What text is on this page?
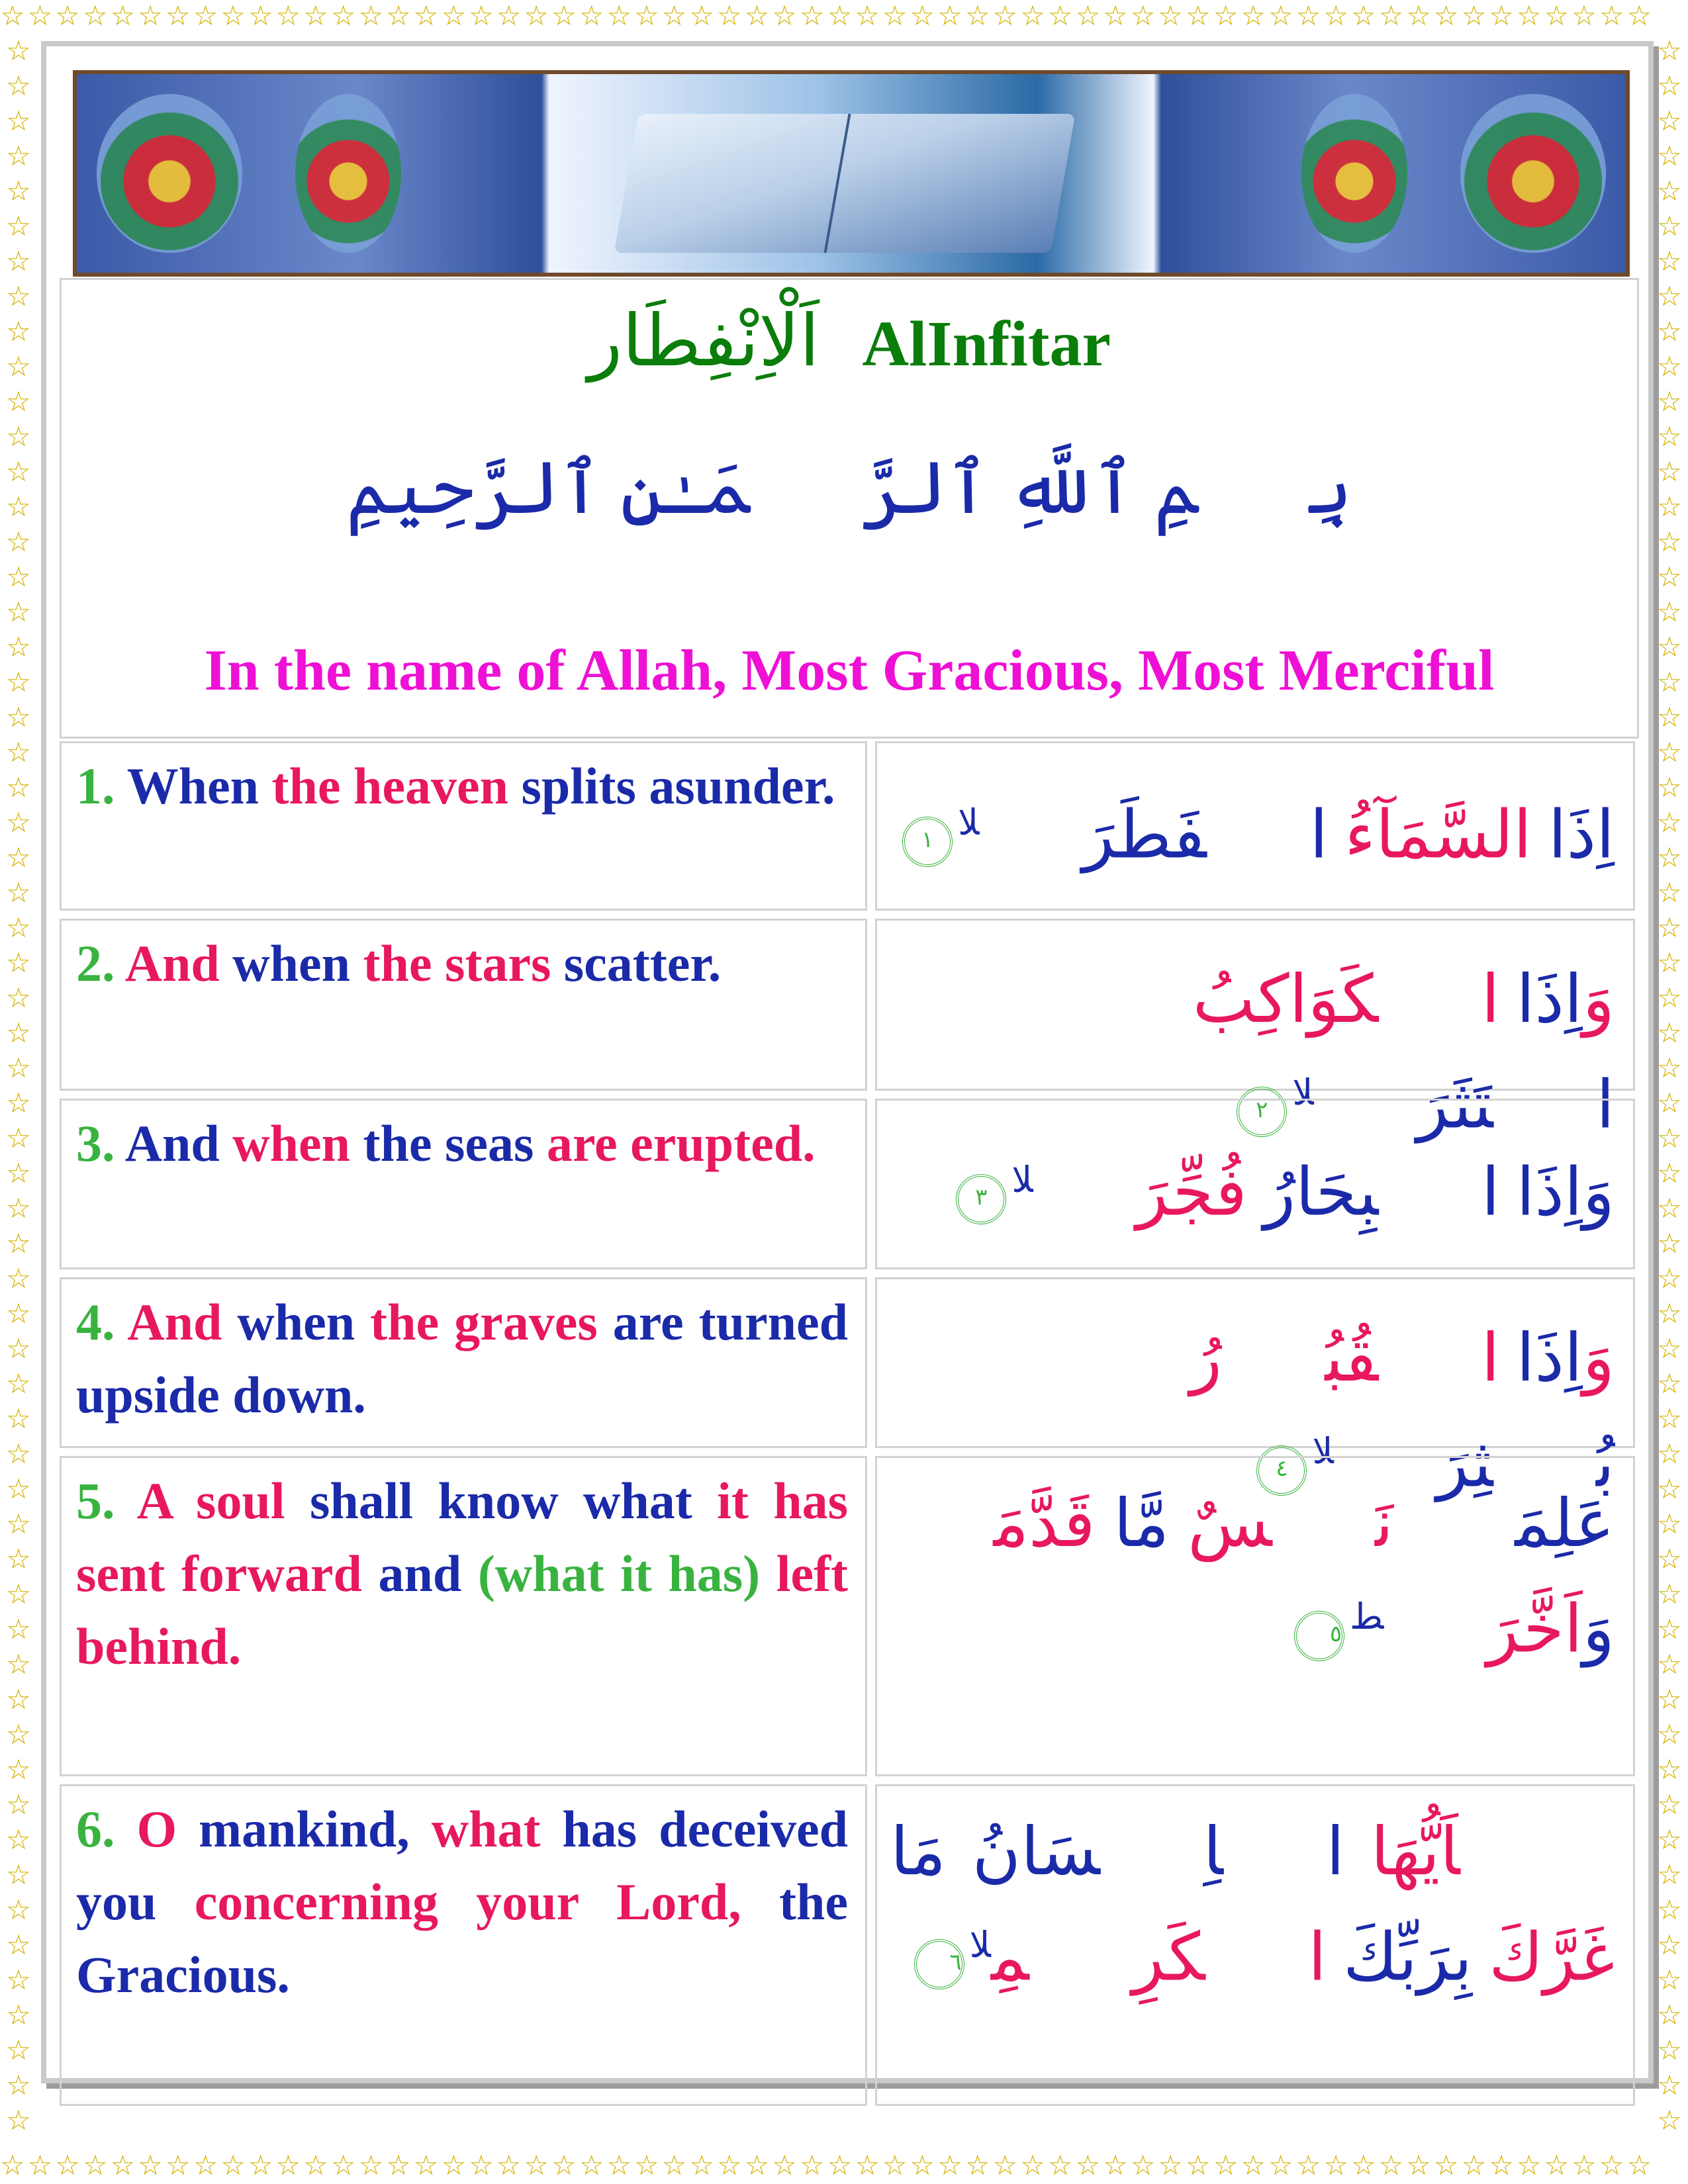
☆☆☆☆☆☆☆☆☆☆☆☆☆☆☆☆☆☆☆☆☆☆☆☆☆☆☆☆☆☆☆☆☆☆☆☆☆☆☆☆☆☆☆☆☆☆☆☆☆☆☆☆☆☆☆☆☆☆☆☆
☆☆☆☆☆☆☆☆☆☆☆☆☆☆☆☆☆☆☆☆☆☆☆☆☆☆☆☆☆☆☆☆☆☆☆☆☆☆☆☆☆☆☆☆☆☆☆☆☆☆☆☆☆☆☆☆☆☆☆☆
☆☆☆☆☆☆☆☆☆☆☆☆☆☆☆☆☆☆☆☆☆☆☆☆☆☆☆☆☆☆☆☆☆☆☆☆☆☆☆☆☆☆☆☆☆☆☆☆☆☆☆☆☆☆☆☆☆☆☆☆
☆☆☆☆☆☆☆☆☆☆☆☆☆☆☆☆☆☆☆☆☆☆☆☆☆☆☆☆☆☆☆☆☆☆☆☆☆☆☆☆☆☆☆☆☆☆☆☆☆☆☆☆☆☆☆☆☆☆☆☆
اَلْاِنْفِطَار AlInfitar
بِسۡمِ ٱللَّهِ ٱلرَّحۡمَـٰنِ ٱلرَّحِيمِ
In the name of Allah, Most Gracious, Most Merciful
1. When the heaven splits asunder.
اِذَا السَّمَآءُ انۡفَطَرَتۡ$^{لا}$١
2. And when the stars scatter.	وَاِذَا الۡكَوَاكِبُ انۡتَثَرَتۡ$^{لا}$٢
3. And when the seas are erupted.
وَاِذَا الۡبِحَارُ فُجِّرَتۡ$^{لا}$٣
4. And when the graves are turned upside down.	وَاِذَا الۡقُبُوۡرُ بُعۡثِرَتۡ$^{لا}$٤
5. A soul shall know what it has sent forward and (what it has) left behind.
عَلِمَتۡ نَفۡسٌ مَّا قَدَّمَتۡ وَاَخَّرَتۡ$^ط$٥
6. O mankind, what has deceived you concerning your Lord, the Gracious.
يٰۤاَيُّهَا الۡاِنۡسَانُ مَا غَرَّكَ بِرَبِّكَ الۡكَرِيۡمِ$^{لا}$٦
